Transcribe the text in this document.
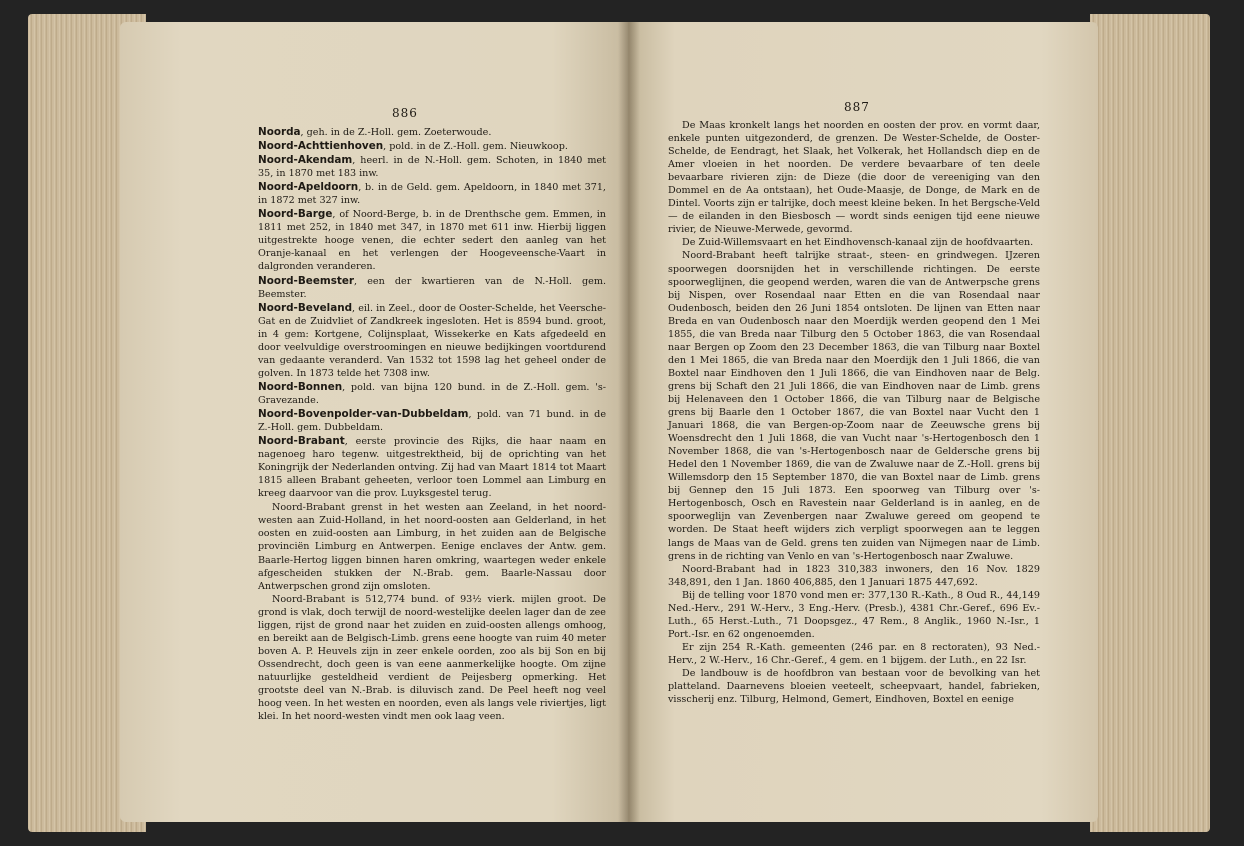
886

Noorda, geh. in de Z.-Holl. gem. Zoeterwoude.

Noord-Achttienhoven, pold. in de Z.-Holl. gem. Nieuwkoop.

Noord-Akendam, heerl. in de N.-Holl. gem. Schoten, in 1840 met 35, in 1870 met 183 inw.

Noord-Apeldoorn, b. in de Geld. gem. Apeldoorn, in 1840 met 371, in 1872 met 327 inw.

Noord-Barge, of Noord-Berge, b. in de Drenthsche gem. Emmen, in 1811 met 252, in 1840 met 347, in 1870 met 611 inw. Hierbij liggen uitgestrekte hooge venen, die echter sedert den aanleg van het Oranje-kanaal en het verlengen der Hoogeveensche-Vaart in dalgronden veranderen.

Noord-Beemster, een der kwartieren van de N.-Holl. gem. Beemster.

Noord-Beveland, eil. in Zeel., door de Ooster-Schelde, het Veersche-Gat en de Zuidvliet of Zandkreek ingesloten. Het is 8594 bund. groot, in 4 gem: Kortgene, Colijnsplaat, Wissekerke en Kats afgedeeld en door veelvuldige overstroomingen en nieuwe bedijkingen voortdurend van gedaante veranderd. Van 1532 tot 1598 lag het geheel onder de golven. In 1873 telde het 7308 inw.

Noord-Bonnen, pold. van bijna 120 bund. in de Z.-Holl. gem. 's-Gravezande.

Noord-Bovenpolder-van-Dubbeldam, pold. van 71 bund. in de Z.-Holl. gem. Dubbeldam.

Noord-Brabant, eerste provincie des Rijks, die haar naam en nagenoeg haro tegenw. uitgestrektheid, bij de oprichting van het Koningrijk der Nederlanden ontving. Zij had van Maart 1814 tot Maart 1815 alleen Brabant geheeten, verloor toen Lommel aan Limburg en kreeg daarvoor van die prov. Luyksgestel terug.

Noord-Brabant grenst in het westen aan Zeeland, in het noord-westen aan Zuid-Holland, in het noord-oosten aan Gelderland, in het oosten en zuid-oosten aan Limburg, in het zuiden aan de Belgische provinciën Limburg en Antwerpen. Eenige enclaves der Antw. gem. Baarle-Hertog liggen binnen haren omkring, waartegen weder enkele afgescheiden stukken der N.-Brab. gem. Baarle-Nassau door Antwerpschen grond zijn omsloten.

Noord-Brabant is 512,774 bund. of 93½ vierk. mijlen groot. De grond is vlak, doch terwijl de noord-westelijke deelen lager dan de zee liggen, rijst de grond naar het zuiden en zuid-oosten allengs omhoog, en bereikt aan de Belgisch-Limb. grens eene hoogte van ruim 40 meter boven A. P. Heuvels zijn in zeer enkele oorden, zoo als bij Son en bij Ossendrecht, doch geen is van eene aanmerkelijke hoogte. Om zijne natuurlijke gesteldheid verdient de Peijesberg opmerking. Het grootste deel van N.-Brab. is diluvisch zand. De Peel heeft nog veel hoog veen. In het westen en noorden, even als langs vele riviertjes, ligt klei. In het noord-westen vindt men ook laag veen.

887

De Maas kronkelt langs het noorden en oosten der prov. en vormt daar, enkele punten uitgezonderd, de grenzen. De Wester-Schelde, de Ooster-Schelde, de Eendragt, het Slaak, het Volkerak, het Hollandsch diep en de Amer vloeien in het noorden. De verdere bevaarbare of ten deele bevaarbare rivieren zijn: de Dieze (die door de vereeniging van den Dommel en de Aa ontstaan), het Oude-Maasje, de Donge, de Mark en de Dintel. Voorts zijn er talrijke, doch meest kleine beken. In het Bergsche-Veld — de eilanden in den Biesbosch — wordt sinds eenigen tijd eene nieuwe rivier, de Nieuwe-Merwede, gevormd.

De Zuid-Willemsvaart en het Eindhovensch-kanaal zijn de hoofdvaarten.

Noord-Brabant heeft talrijke straat-, steen- en grindwegen. IJzeren spoorwegen doorsnijden het in verschillende richtingen. De eerste spoorweglijnen, die geopend werden, waren die van de Antwerpsche grens bij Nispen, over Rosendaal naar Etten en die van Rosendaal naar Oudenbosch, beiden den 26 Juni 1854 ontsloten. De lijnen van Etten naar Breda en van Oudenbosch naar den Moerdijk werden geopend den 1 Mei 1855, die van Breda naar Tilburg den 5 October 1863, die van Rosendaal naar Bergen op Zoom den 23 December 1863, die van Tilburg naar Boxtel den 1 Mei 1865, die van Breda naar den Moerdijk den 1 Juli 1866, die van Boxtel naar Eindhoven den 1 Juli 1866, die van Eindhoven naar de Belg. grens bij Schaft den 21 Juli 1866, die van Eindhoven naar de Limb. grens bij Helenaveen den 1 October 1866, die van Tilburg naar de Belgische grens bij Baarle den 1 October 1867, die van Boxtel naar Vucht den 1 Januari 1868, die van Bergen-op-Zoom naar de Zeeuwsche grens bij Woensdrecht den 1 Juli 1868, die van Vucht naar 's-Hertogenbosch den 1 November 1868, die van 's-Hertogenbosch naar de Geldersche grens bij Hedel den 1 November 1869, die van de Zwaluwe naar de Z.-Holl. grens bij Willemsdorp den 15 September 1870, die van Boxtel naar de Limb. grens bij Gennep den 15 Juli 1873. Een spoorweg van Tilburg over 's-Hertogenbosch, Osch en Ravestein naar Gelderland is in aanleg, en de spoorweglijn van Zevenbergen naar Zwaluwe gereed om geopend te worden. De Staat heeft wijders zich verpligt spoorwegen aan te leggen langs de Maas van de Geld. grens ten zuiden van Nijmegen naar de Limb. grens in de richting van Venlo en van 's-Hertogenbosch naar Zwaluwe.

Noord-Brabant had in 1823 310,383 inwoners, den 16 Nov. 1829 348,891, den 1 Jan. 1860 406,885, den 1 Januari 1875 447,692.

Bij de telling voor 1870 vond men er: 377,130 R.-Kath., 8 Oud R., 44,149 Ned.-Herv., 291 W.-Herv., 3 Eng.-Herv. (Presb.), 4381 Chr.-Geref., 696 Ev.-Luth., 65 Herst.-Luth., 71 Doopsgez., 47 Rem., 8 Anglik., 1960 N.-Isr., 1 Port.-Isr. en 62 ongenoemden.

Er zijn 254 R.-Kath. gemeenten (246 par. en 8 rectoraten), 93 Ned.-Herv., 2 W.-Herv., 16 Chr.-Geref., 4 gem. en 1 bijgem. der Luth., en 22 Isr.

De landbouw is de hoofdbron van bestaan voor de bevolking van het platteland. Daarnevens bloeien veeteelt, scheepvaart, handel, fabrieken, visscherij enz. Tilburg, Helmond, Gemert, Eindhoven, Boxtel en eenige
